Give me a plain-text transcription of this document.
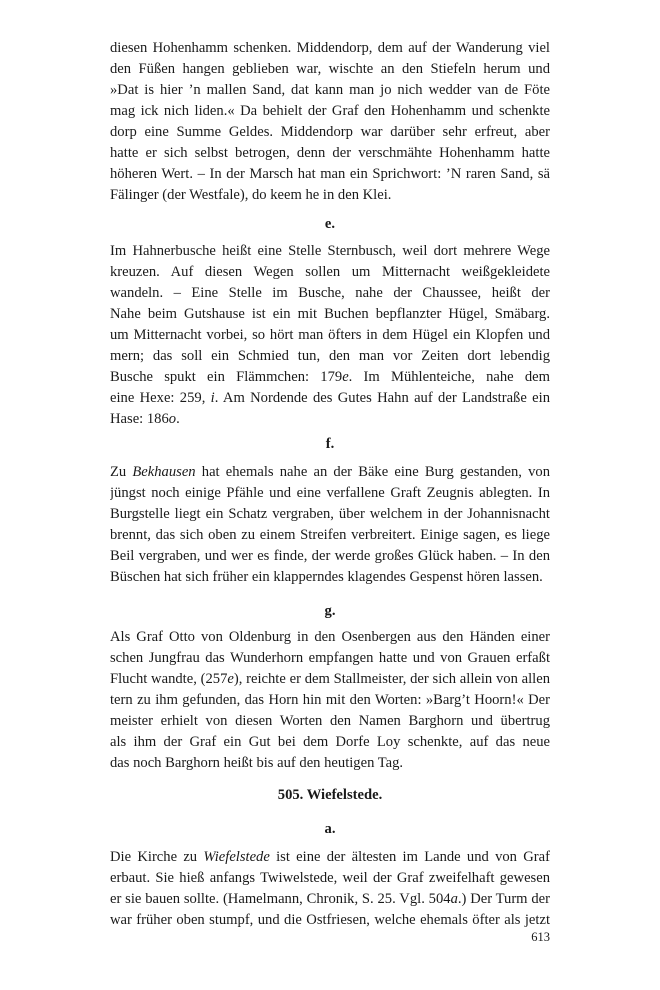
diesen Hohenhamm schenken. Middendorp, dem auf der Wanderung viel
den Füßen hangen geblieben war, wischte an den Stiefeln herum und
»Dat is hier ’n mallen Sand, dat kann man jo nich wedder van de Föte
mag ick nich liden.« Da behielt der Graf den Hohenhamm und schenkte
dorp eine Summe Geldes. Middendorp war darüber sehr erfreut, aber
hatte er sich selbst betrogen, denn der verschmähte Hohenhamm hatte
höheren Wert. – In der Marsch hat man ein Sprichwort: ’N raren Sand, sä
Fälinger (der Westfale), do keem he in den Klei.
e.
Im Hahnerbusche heißt eine Stelle Sternbusch, weil dort mehrere Wege
kreuzen. Auf diesen Wegen sollen um Mitternacht weißgekleidete
wandeln. – Eine Stelle im Busche, nahe der Chaussee, heißt der
Nahe beim Gutshause ist ein mit Buchen bepflanzter Hügel, Smäbarg.
um Mitternacht vorbei, so hört man öfters in dem Hügel ein Klopfen und
mern; das soll ein Schmied tun, den man vor Zeiten dort lebendig
Busche spukt ein Flämmchen: 179e. Im Mühlenteiche, nahe dem
eine Hexe: 259, i. Am Nordende des Gutes Hahn auf der Landstraße ein
Hase: 186o.
f.
Zu Bekhausen hat ehemals nahe an der Bäke eine Burg gestanden, von
jüngst noch einige Pfähle und eine verfallene Graft Zeugnis ablegten. In
Burgstelle liegt ein Schatz vergraben, über welchem in der Johannisnacht
brennt, das sich oben zu einem Streifen verbreitert. Einige sagen, es liege
Beil vergraben, und wer es finde, der werde großes Glück haben. – In den
Büschen hat sich früher ein klapperndes klagendes Gespenst hören lassen.
g.
Als Graf Otto von Oldenburg in den Osenbergen aus den Händen einer
schen Jungfrau das Wunderhorn empfangen hatte und von Grauen erfaßt
Flucht wandte, (257e), reichte er dem Stallmeister, der sich allein von allen
tern zu ihm gefunden, das Horn hin mit den Worten: »Barg’t Hoorn!« Der
meister erhielt von diesen Worten den Namen Barghorn und übertrug
als ihm der Graf ein Gut bei dem Dorfe Loy schenkte, auf das neue
das noch Barghorn heißt bis auf den heutigen Tag.
505. Wiefelstede.
a.
Die Kirche zu Wiefelstede ist eine der ältesten im Lande und von Graf
erbaut. Sie hieß anfangs Twiwelstede, weil der Graf zweifelhaft gewesen
er sie bauen sollte. (Hamelmann, Chronik, S. 25. Vgl. 504a.) Der Turm der
war früher oben stumpf, und die Ostfriesen, welche ehemals öfter als jetzt
613
